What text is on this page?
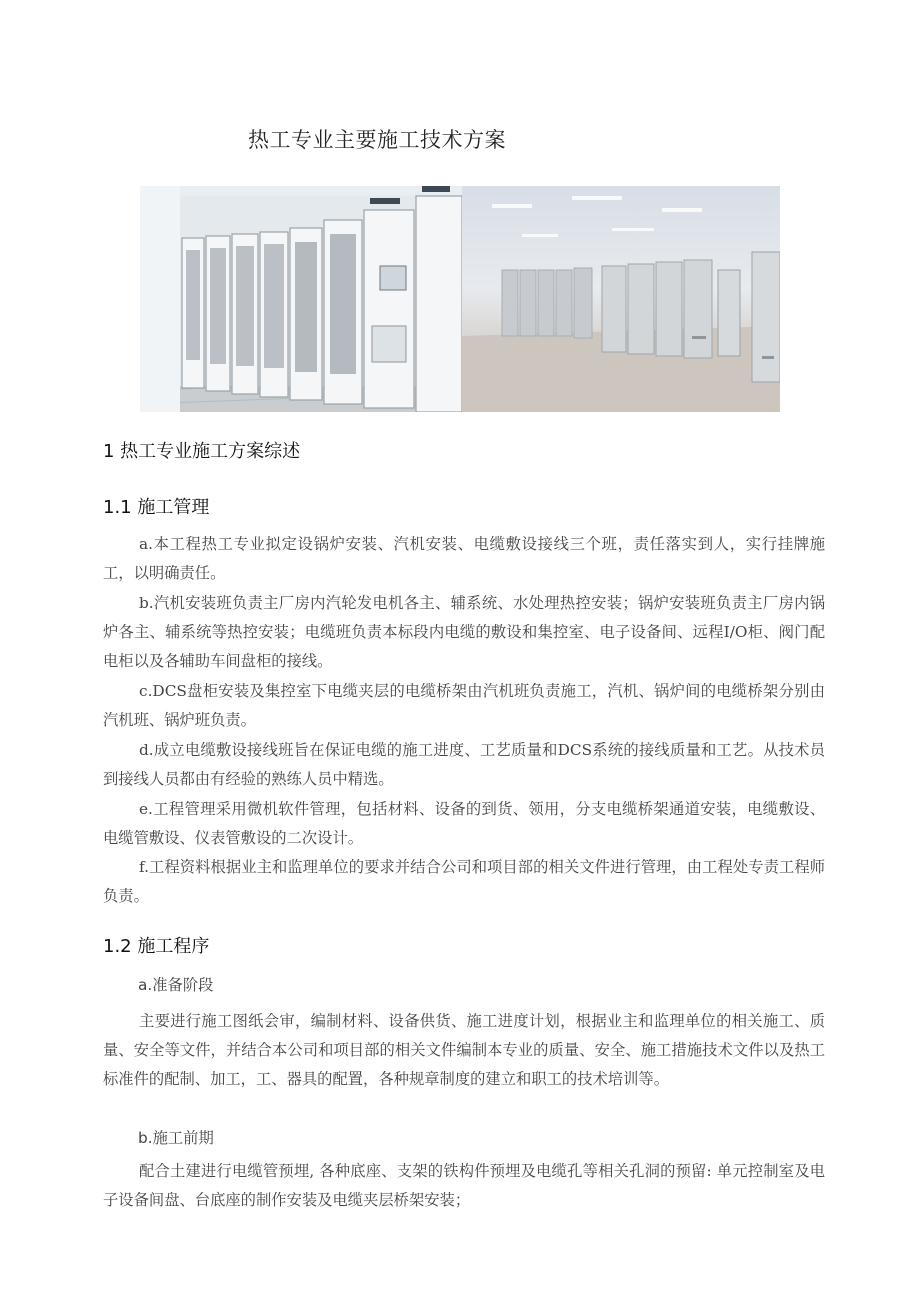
热工专业主要施工技术方案
1 热工专业施工方案综述
1.1 施工管理

a.本工程热工专业拟定设锅炉安装、汽机安装、电缆敷设接线三个班，责任落实到人，实行挂牌施工，以明确责任。

b.汽机安装班负责主厂房内汽轮发电机各主、辅系统、水处理热控安装；锅炉安装班负责主厂房内锅炉各主、辅系统等热控安装；电缆班负责本标段内电缆的敷设和集控室、电子设备间、远程I/O柜、阀门配电柜以及各辅助车间盘柜的接线。

c.DCS盘柜安装及集控室下电缆夹层的电缆桥架由汽机班负责施工，汽机、锅炉间的电缆桥架分别由汽机班、锅炉班负责。

d.成立电缆敷设接线班旨在保证电缆的施工进度、工艺质量和DCS系统的接线质量和工艺。从技术员到接线人员都由有经验的熟练人员中精选。

e.工程管理采用微机软件管理，包括材料、设备的到货、领用，分支电缆桥架通道安装，电缆敷设、电缆管敷设、仪表管敷设的二次设计。

f.工程资料根据业主和监理单位的要求并结合公司和项目部的相关文件进行管理，由工程处专责工程师负责。

1.2 施工程序
a.准备阶段

主要进行施工图纸会审，编制材料、设备供货、施工进度计划，根据业主和监理单位的相关施工、质量、安全等文件，并结合本公司和项目部的相关文件编制本专业的质量、安全、施工措施技术文件以及热工标准件的配制、加工，工、器具的配置，各种规章制度的建立和职工的技术培训等。

b.施工前期

配合土建进行电缆管预埋, 各种底座、支架的铁构件预埋及电缆孔等相关孔洞的预留: 单元控制室及电子设备间盘、台底座的制作安装及电缆夹层桥架安装；
